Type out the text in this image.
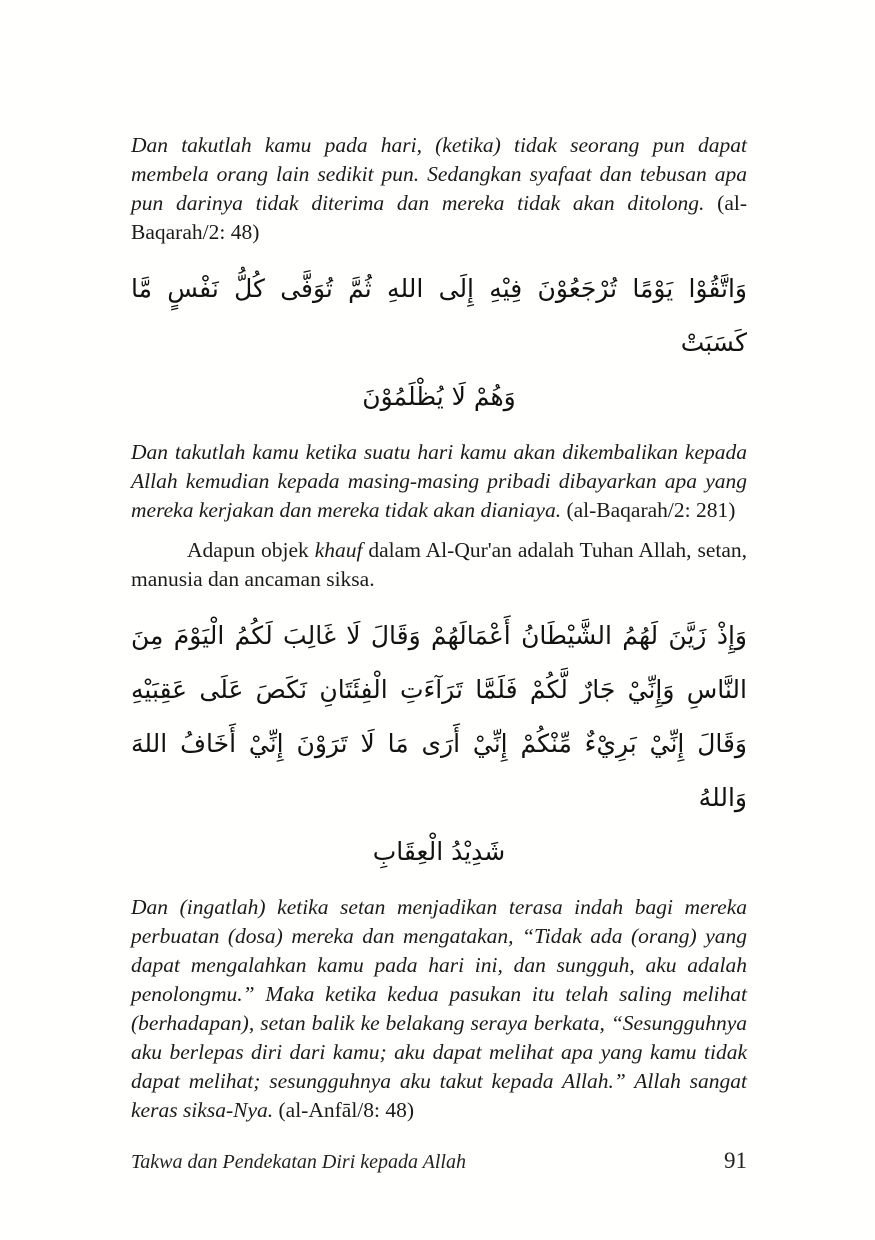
Dan takutlah kamu pada hari, (ketika) tidak seorang pun dapat membela orang lain sedikit pun. Sedangkan syafaat dan tebusan apa pun darinya tidak diterima dan mereka tidak akan ditolong. (al-Baqarah/2: 48)

وَاتَّقُوْا يَوْمًا تُرْجَعُوْنَ فِيْهِ إِلَى اللهِ ثُمَّ تُوَفَّى كُلُّ نَفْسٍ مَّا كَسَبَتْ
وَهُمْ لَا يُظْلَمُوْنَ

Dan takutlah kamu ketika suatu hari kamu akan dikembalikan kepada Allah kemudian kepada masing-masing pribadi dibayarkan apa yang mereka kerjakan dan mereka tidak akan dianiaya. (al-Baqarah/2: 281)

Adapun objek khauf dalam Al-Qur'an adalah Tuhan Allah, setan, manusia dan ancaman siksa.

وَإِذْ زَيَّنَ لَهُمُ الشَّيْطَانُ أَعْمَالَهُمْ وَقَالَ لَا غَالِبَ لَكُمُ الْيَوْمَ مِنَ
النَّاسِ وَإِنِّيْ جَارٌ لَّكُمْ فَلَمَّا تَرَآءَتِ الْفِئَتَانِ نَكَصَ عَلَى عَقِبَيْهِ
وَقَالَ إِنِّيْ بَرِيْءٌ مِّنْكُمْ إِنِّيْ أَرَى مَا لَا تَرَوْنَ إِنِّيْ أَخَافُ اللهَ وَاللهُ
شَدِيْدُ الْعِقَابِ

Dan (ingatlah) ketika setan menjadikan terasa indah bagi mereka perbuatan (dosa) mereka dan mengatakan, “Tidak ada (orang) yang dapat mengalahkan kamu pada hari ini, dan sungguh, aku adalah penolongmu.” Maka ketika kedua pasukan itu telah saling melihat (berhadapan), setan balik ke belakang seraya berkata, “Sesungguhnya aku berlepas diri dari kamu; aku dapat melihat apa yang kamu tidak dapat melihat; sesungguhnya aku takut kepada Allah.” Allah sangat keras siksa-Nya. (al-Anfāl/8: 48)

Takwa dan Pendekatan Diri kepada Allah	91
